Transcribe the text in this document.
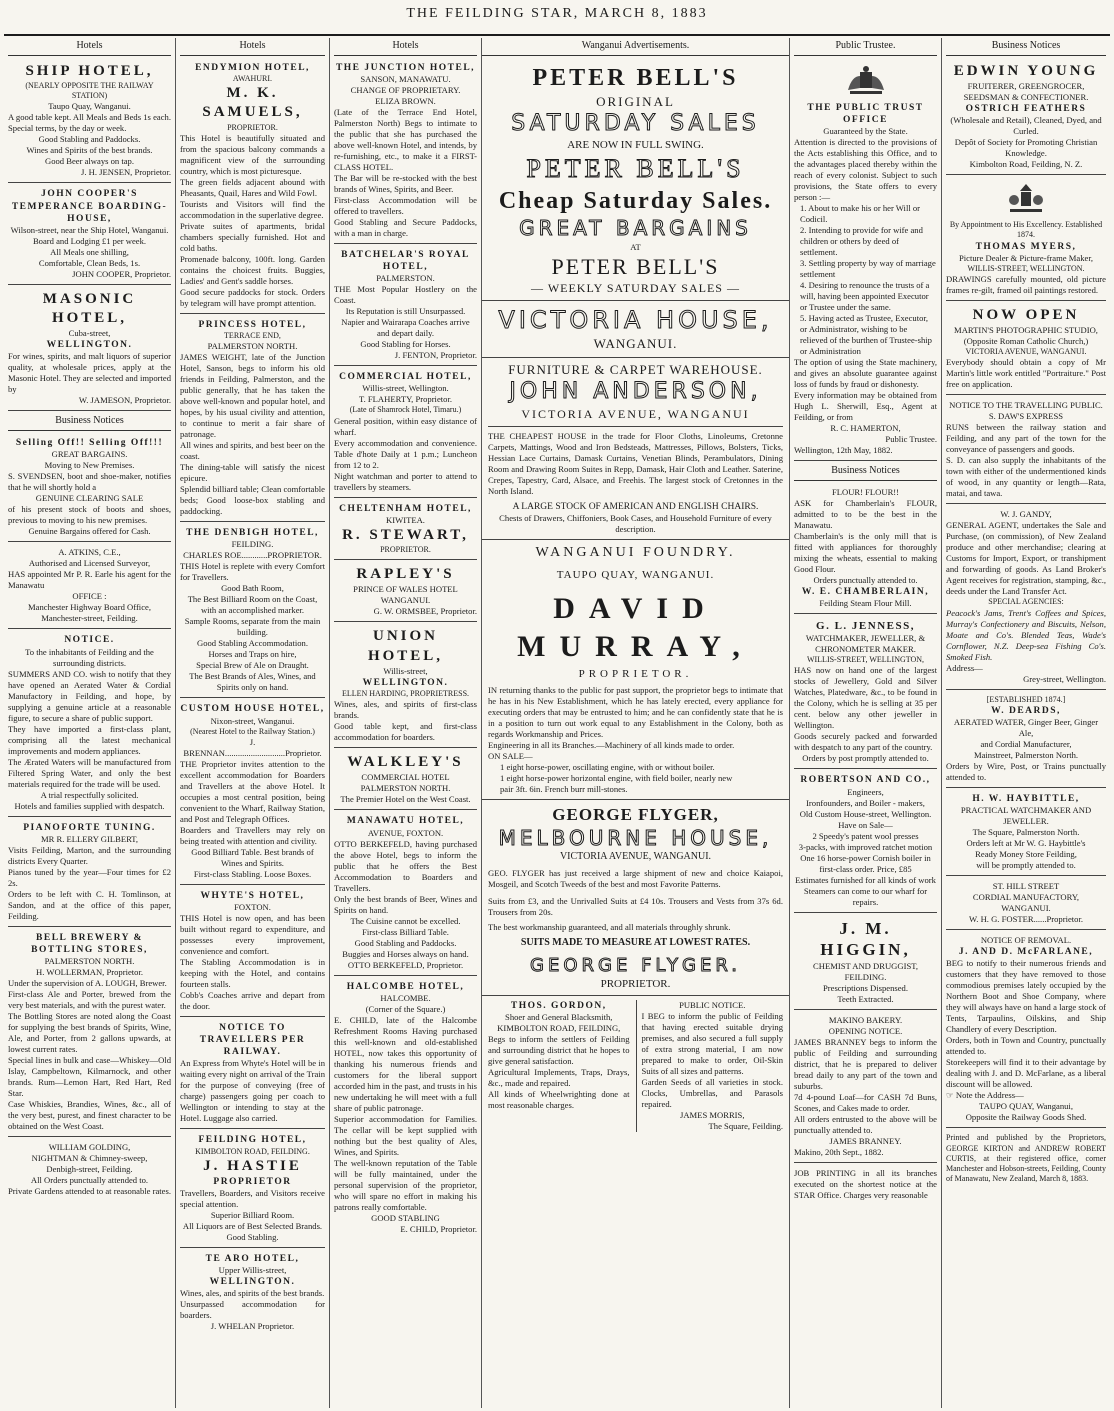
THE FEILDING STAR, MARCH 8, 1883
Hotels
SHIP HOTEL,
(NEARLY OPPOSITE THE RAILWAY STATION)
Taupo Quay, Wanganui.
A good table kept. All Meals and Beds 1s each. Special terms, by the day or week.
Good Stabling and Paddocks.
Wines and Spirits of the best brands.
Good Beer always on tap.
J. H. JENSEN, Proprietor.
JOHN COOPER'S TEMPERANCE BOARDING-HOUSE,
Wilson-street, near the Ship Hotel, Wanganui.
Board and Lodging £1 per week.
All Meals one shilling,
Comfortable, Clean Beds, 1s.
JOHN COOPER, Proprietor.
MASONIC HOTEL,
Cuba-street,
WELLINGTON.
For wines, spirits, and malt liquors of superior quality, at wholesale prices, apply at the Masonic Hotel. They are selected and imported by
W. JAMESON, Proprietor.
Business Notices
Selling Off!! Selling Off!!!
GREAT BARGAINS.
Moving to New Premises.
S. SVENDSEN, boot and shoe-maker, notifies that he will shortly hold a
GENUINE CLEARING SALE
of his present stock of boots and shoes, previous to moving to his new premises.
Genuine Bargains offered for Cash.
A. ATKINS, C.E.,
Authorised and Licensed Surveyor,
HAS appointed Mr P. R. Earle his agent for the Manawatu
OFFICE :
Manchester Highway Board Office, Manchester-street, Feilding.
NOTICE.
To the inhabitants of Feilding and the surrounding districts.
SUMMERS AND CO. wish to notify that they have opened an Aerated Water & Cordial Manufactory in Feilding, and hope, by supplying a genuine article at a reasonable figure, to secure a share of public support.
They have imported a first-class plant, comprising all the latest mechanical improvements and modern appliances.
The Ærated Waters will be manufactured from Filtered Spring Water, and only the best materials required for the trade will be used.
A trial respectfully solicited.
Hotels and families supplied with despatch.
PIANOFORTE TUNING.
MR R. ELLERY GILBERT,
Visits Feilding, Marton, and the surrounding districts Every Quarter.
Pianos tuned by the year—Four times for £2 2s.
Orders to be left with C. H. Tomlinson, at Sandon, and at the office of this paper, Feilding.
BELL BREWERY & BOTTLING STORES,
PALMERSTON NORTH.
H. WOLLERMAN, Proprietor.
Under the supervision of A. LOUGH, Brewer.
First-class Ale and Porter, brewed from the very best materials, and with the purest water.
The Bottling Stores are noted along the Coast for supplying the best brands of Spirits, Wine, Ale, and Porter, from 2 gallons upwards, at lowest current rates.
Special lines in bulk and case—Whiskey—Old Islay, Campbeltown, Kilmarnock, and other brands. Rum—Lemon Hart, Red Hart, Red Star.
Case Whiskies, Brandies, Wines, &c., all of the very best, purest, and finest character to be obtained on the West Coast.
WILLIAM GOLDING,
NIGHTMAN & Chimney-sweep,
Denbigh-street, Feilding.
All Orders punctually attended to.
Private Gardens attended to at reasonable rates.
Hotels
ENDYMION HOTEL,
AWAHURI.
M. K. SAMUELS,
PROPRIETOR.
This Hotel is beautifully situated and from the spacious balcony commands a magnificent view of the surrounding country, which is most picturesque.
The green fields adjacent abound with Pheasants, Quail, Hares and Wild Fowl.
Tourists and Visitors will find the accommodation in the superlative degree.
Private suites of apartments, bridal chambers specially furnished. Hot and cold baths.
Promenade balcony, 100ft. long. Garden contains the choicest fruits. Buggies, Ladies' and Gent's saddle horses.
Good secure paddocks for stock. Orders by telegram will have prompt attention.
PRINCESS HOTEL,
TERRACE END,
PALMERSTON NORTH.
JAMES WEIGHT, late of the Junction Hotel, Sanson, begs to inform his old friends in Feilding, Palmerston, and the public generally, that he has taken the above well-known and popular hotel, and hopes, by his usual civility and attention, to continue to merit a fair share of patronage.
All wines and spirits, and best beer on the coast.
The dining-table will satisfy the nicest epicure.
Splendid billiard table; Clean comfortable beds; Good loose-box stabling and paddocking.
THE DENBIGH HOTEL,
FEILDING.
CHARLES ROE............PROPRIETOR.
THIS Hotel is replete with every Comfort for Travellers.
Good Bath Room,
The Best Billiard Room on the Coast, with an accomplished marker.
Sample Rooms, separate from the main building.
Good Stabling Accommodation.
Horses and Traps on hire,
Special Brew of Ale on Draught.
The Best Brands of Ales, Wines, and Spirits only on hand.
CUSTOM HOUSE HOTEL,
Nixon-street, Wanganui.
(Nearest Hotel to the Railway Station.)
J. BRENNAN............................Proprietor.
THE Proprietor invites attention to the excellent accommodation for Boarders and Travellers at the above Hotel. It occupies a most central position, being convenient to the Wharf, Railway Station, and Post and Telegraph Offices.
Boarders and Travellers may rely on being treated with attention and civility.
Good Billiard Table. Best brands of Wines and Spirits.
First-class Stabling. Loose Boxes.
WHYTE'S HOTEL,
FOXTON.
THIS Hotel is now open, and has been built without regard to expenditure, and possesses every improvement, convenience and comfort.
The Stabling Accommodation is in keeping with the Hotel, and contains fourteen stalls.
Cobb's Coaches arrive and depart from the door.
NOTICE TO TRAVELLERS PER RAILWAY.
An Express from Whyte's Hotel will be in waiting every night on arrival of the Train for the purpose of conveying (free of charge) passengers going per coach to Wellington or intending to stay at the Hotel. Luggage also carried.
FEILDING HOTEL,
KIMBOLTON ROAD, FEILDING.
J. HASTIE
PROPRIETOR
Travellers, Boarders, and Visitors receive special attention.
Superior Billiard Room.
All Liquors are of Best Selected Brands.
Good Stabling.
TE ARO HOTEL,
Upper Willis-street,
WELLINGTON.
Wines, ales, and spirits of the best brands.
Unsurpassed accommodation for boarders.
J. WHELAN Proprietor.
Hotels
THE JUNCTION HOTEL,
SANSON, MANAWATU.
CHANGE OF PROPRIETARY.
ELIZA BROWN.
(Late of the Terrace End Hotel, Palmerston North) Begs to intimate to the public that she has purchased the above well-known Hotel, and intends, by re-furnishing, etc., to make it a FIRST-CLASS HOTEL.
The Bar will be re-stocked with the best brands of Wines, Spirits, and Beer.
First-class Accommodation will be offered to travellers.
Good Stabling and Secure Paddocks, with a man in charge.
BATCHELAR'S ROYAL HOTEL,
PALMERSTON.
THE Most Popular Hostlery on the Coast.
Its Reputation is still Unsurpassed.
Napier and Wairarapa Coaches arrive and depart daily.
Good Stabling for Horses.
J. FENTON, Proprietor.
COMMERCIAL HOTEL,
Willis-street, Wellington.
T. FLAHERTY, Proprietor.
(Late of Shamrock Hotel, Timaru.)
General position, within easy distance of wharf.
Every accommodation and convenience. Table d'hote Daily at 1 p.m.; Luncheon from 12 to 2.
Night watchman and porter to attend to travellers by steamers.
CHELTENHAM HOTEL,
KIWITEA.
R. STEWART,
PROPRIETOR.
RAPLEY'S
PRINCE OF WALES HOTEL
WANGANUI.
G. W. ORMSBEE, Proprietor.
UNION HOTEL,
Willis-street,
WELLINGTON.
ELLEN HARDING, PROPRIETRESS.
Wines, ales, and spirits of first-class brands.
Good table kept, and first-class accommodation for boarders.
WALKLEY'S
COMMERCIAL HOTEL
PALMERSTON NORTH.
The Premier Hotel on the West Coast.
MANAWATU HOTEL,
AVENUE, FOXTON.
OTTO BERKEFELD, having purchased the above Hotel, begs to inform the public that he offers the Best Accommodation to Boarders and Travellers.
Only the best brands of Beer, Wines and Spirits on hand.
The Cuisine cannot be excelled.
First-class Billiard Table.
Good Stabling and Paddocks.
Buggies and Horses always on hand.
OTTO BERKEFELD, Proprietor.
HALCOMBE HOTEL,
HALCOMBE.
(Corner of the Square.)
E. CHILD, late of the Halcombe Refreshment Rooms Having purchased this well-known and old-established HOTEL, now takes this opportunity of thanking his numerous friends and customers for the liberal support accorded him in the past, and trusts in his new undertaking he will meet with a full share of public patronage.
Superior accommodation for Families. The cellar will be kept supplied with nothing but the best quality of Ales, Wines, and Spirits.
The well-known reputation of the Table will be fully maintained, under the personal supervision of the proprietor, who will spare no effort in making his patrons really comfortable.
GOOD STABLING
E. CHILD, Proprietor.
Wanganui Advertisements.
PETER BELL'S
ORIGINAL
SATURDAY SALES
ARE NOW IN FULL SWING.
PETER BELL'S
Cheap Saturday Sales.
GREAT BARGAINS
AT
PETER BELL'S
— WEEKLY SATURDAY SALES —
VICTORIA HOUSE,
WANGANUI.
FURNITURE & CARPET WAREHOUSE.
JOHN ANDERSON,
VICTORIA AVENUE, WANGANUI
THE CHEAPEST HOUSE in the trade for Floor Cloths, Linoleums, Cretonne Carpets, Mattings, Wood and Iron Bedsteads, Mattresses, Pillows, Bolsters, Ticks, Hessian Lace Curtains, Damask Curtains, Venetian Blinds, Perambulators, Dining Room and Drawing Room Suites in Repp, Damask, Hair Cloth and Leather. Saterine, Crepes, Tapestry, Card, Alsace, and Freehis. The largest stock of Cretonnes in the North Island.
A LARGE STOCK OF AMERICAN AND ENGLISH CHAIRS.
Chests of Drawers, Chiffoniers, Book Cases, and Household Furniture of every description.
WANGANUI FOUNDRY.
TAUPO QUAY, WANGANUI.
DAVID MURRAY,
PROPRIETOR.
IN returning thanks to the public for past support, the proprietor begs to intimate that he has in his New Establishment, which he has lately erected, every appliance for executing orders that may be entrusted to him; and he can confidently state that he is in a position to turn out work equal to any Establishment in the Colony, both as regards Workmanship and Prices.
Engineering in all its Branches.—Machinery of all kinds made to order.
ON SALE—
1 eight horse-power, oscillating engine, with or without boiler.
1 eight horse-power horizontal engine, with field boiler, nearly new
pair 3ft. 6in. French burr mill-stones.
GEORGE FLYGER,
MELBOURNE HOUSE,
VICTORIA AVENUE, WANGANUI.
GEO. FLYGER has just received a large shipment of new and choice Kaiapoi, Mosgeil, and Scotch Tweeds of the best and most Favorite Patterns.
Suits from £3, and the Unrivalled Suits at £4 10s. Trousers and Vests from 37s 6d. Trousers from 20s.
The best workmanship guaranteed, and all materials throughly shrunk.
SUITS MADE TO MEASURE AT LOWEST RATES.
GEORGE FLYGER.
PROPRIETOR.
THOS. GORDON,
Shoer and General Blacksmith,
KIMBOLTON ROAD, FEILDING,
Begs to inform the settlers of Feilding and surrounding district that he hopes to give general satisfaction.
Agricultural Implements, Traps, Drays, &c., made and repaired.
All kinds of Wheelwrighting done at most reasonable charges.
PUBLIC NOTICE.
I BEG to inform the public of Feilding that having erected suitable drying premises, and also secured a full supply of extra strong material, I am now prepared to make to order, Oil-Skin Suits of all sizes and patterns.
Garden Seeds of all varieties in stock. Clocks, Umbrellas, and Parasols repaired.
JAMES MORRIS,
The Square, Feilding.
Public Trustee.
THE PUBLIC TRUST OFFICE
Guaranteed by the State.
Attention is directed to the provisions of the Acts establishing this Office, and to the advantages placed thereby within the reach of every colonist. Subject to such provisions, the State offers to every person :—
1. About to make his or her Will or Codicil.
2. Intending to provide for wife and children or others by deed of settlement.
3. Settling property by way of marriage settlement
4. Desiring to renounce the trusts of a will, having been appointed Executor or Trustee under the same.
5. Having acted as Trustee, Executor, or Administrator, wishing to be relieved of the burthen of Trustee-ship or Administration
The option of using the State machinery, and gives an absolute guarantee against loss of funds by fraud or dishonesty.
Every information may be obtained from Hugh L. Sherwill, Esq., Agent at Feilding, or from
R. C. HAMERTON,
Public Trustee.
Wellington, 12th May, 1882.
Business Notices
FLOUR! FLOUR!!
ASK for Chamberlain's FLOUR, admitted to to be the best in the Manawatu.
Chamberlain's is the only mill that is fitted with appliances for thoroughly mixing the wheats, essential to making Good Flour.
Orders punctually attended to.
W. E. CHAMBERLAIN,
Feilding Steam Flour Mill.
G. L. JENNESS,
WATCHMAKER, JEWELLER, & CHRONOMETER MAKER.
WILLIS-STREET, WELLINGTON,
HAS now on hand one of the largest stocks of Jewellery, Gold and Silver Watches, Platedware, &c., to be found in the Colony, which he is selling at 35 per cent. below any other jeweller in Wellington.
Goods securely packed and forwarded with despatch to any part of the country.
Orders by post promptly attended to.
ROBERTSON AND CO.,
Engineers,
Ironfounders, and Boiler - makers,
Old Custom House-street, Wellington.
Have on Sale—
2 Speedy's patent wool presses
3-packs, with improved ratchet motion
One 16 horse-power Cornish boiler in first-class order. Price, £85
Estimates furnished for all kinds of work
Steamers can come to our wharf for repairs.
J. M. HIGGIN,
CHEMIST AND DRUGGIST,
FEILDING.
Prescriptions Dispensed.
Teeth Extracted.
MAKINO BAKERY.
OPENING NOTICE.
JAMES BRANNEY begs to inform the public of Feilding and surrounding district, that he is prepared to deliver bread daily to any part of the town and suburbs.
7d 4-pound Loaf—for CASH 7d Buns, Scones, and Cakes made to order.
All orders entrusted to the above will be punctually attended to.
JAMES BRANNEY.
Makino, 20th Sept., 1882.
JOB PRINTING in all its branches executed on the shortest notice at the STAR Office. Charges very reasonable
Business Notices
EDWIN YOUNG
FRUITERER, GREENGROCER,
SEEDSMAN & CONFECTIONER.
OSTRICH FEATHERS
(Wholesale and Retail), Cleaned, Dyed, and Curled.
Depôt of Society for Promoting Christian Knowledge.
Kimbolton Road, Feilding, N. Z.
By Appointment to His Excellency. Established 1874.
THOMAS MYERS,
Picture Dealer & Picture-frame Maker,
WILLIS-STREET, WELLINGTON.
DRAWINGS carefully mounted, old picture frames re-gilt, framed oil paintings restored.
NOW OPEN
MARTIN'S PHOTOGRAPHIC STUDIO,
(Opposite Roman Catholic Church,)
VICTORIA AVENUE, WANGANUI.
Everybody should obtain a copy of Mr Martin's little work entitled "Portraiture." Post free on application.
NOTICE TO THE TRAVELLING PUBLIC.
S. DAW'S EXPRESS
RUNS between the railway station and Feilding, and any part of the town for the conveyance of passengers and goods.
S. D. can also supply the inhabitants of the town with either of the undermentioned kinds of wood, in any quantity or length—Rata, matai, and tawa.
W. J. GANDY,
GENERAL AGENT, undertakes the Sale and Purchase, (on commission), of New Zealand produce and other merchandise; clearing at Customs for Import, Export, or transhipment and forwarding of goods. As Land Broker's Agent receives for registration, stamping, &c., deeds under the Land Transfer Act.
SPECIAL AGENCIES:
Peacock's Jams, Trent's Coffees and Spices, Murray's Confectionery and Biscuits, Nelson, Moate and Co's. Blended Teas, Wade's Cornflower, N.Z. Deep-sea Fishing Co's. Smoked Fish.
Address—
Grey-street, Wellington.
[ESTABLISHED 1874.]
W. DEARDS,
AERATED WATER, Ginger Beer, Ginger Ale,
and Cordial Manufacturer,
Mainstreet, Palmerston North.
Orders by Wire, Post, or Trains punctually attended to.
H. W. HAYBITTLE,
PRACTICAL WATCHMAKER AND JEWELLER.
The Square, Palmerston North.
Orders left at Mr W. G. Haybittle's
Ready Money Store Feilding,
will be promptly attended to.
ST. HILL STREET
CORDIAL MANUFACTORY,
WANGANUI.
W. H. G. FOSTER......Proprietor.
NOTICE OF REMOVAL.
J. AND D. McFARLANE,
BEG to notify to their numerous friends and customers that they have removed to those commodious premises lately occupied by the Northern Boot and Shoe Company, where they will always have on hand a large stock of Tents, Tarpaulins, Oilskins, and Ship Chandlery of every Description.
Orders, both in Town and Country, punctually attended to.
Storekeepers will find it to their advantage by dealing with J. and D. McFarlane, as a liberal discount will be allowed.
☞ Note the Address—
TAUPO QUAY, Wanganui,
Opposite the Railway Goods Shed.
Printed and published by the Proprietors, GEORGE KIRTON and ANDREW ROBERT CURTIS, at their registered office, corner Manchester and Hobson-streets, Feilding, County of Manawatu, New Zealand, March 8, 1883.
